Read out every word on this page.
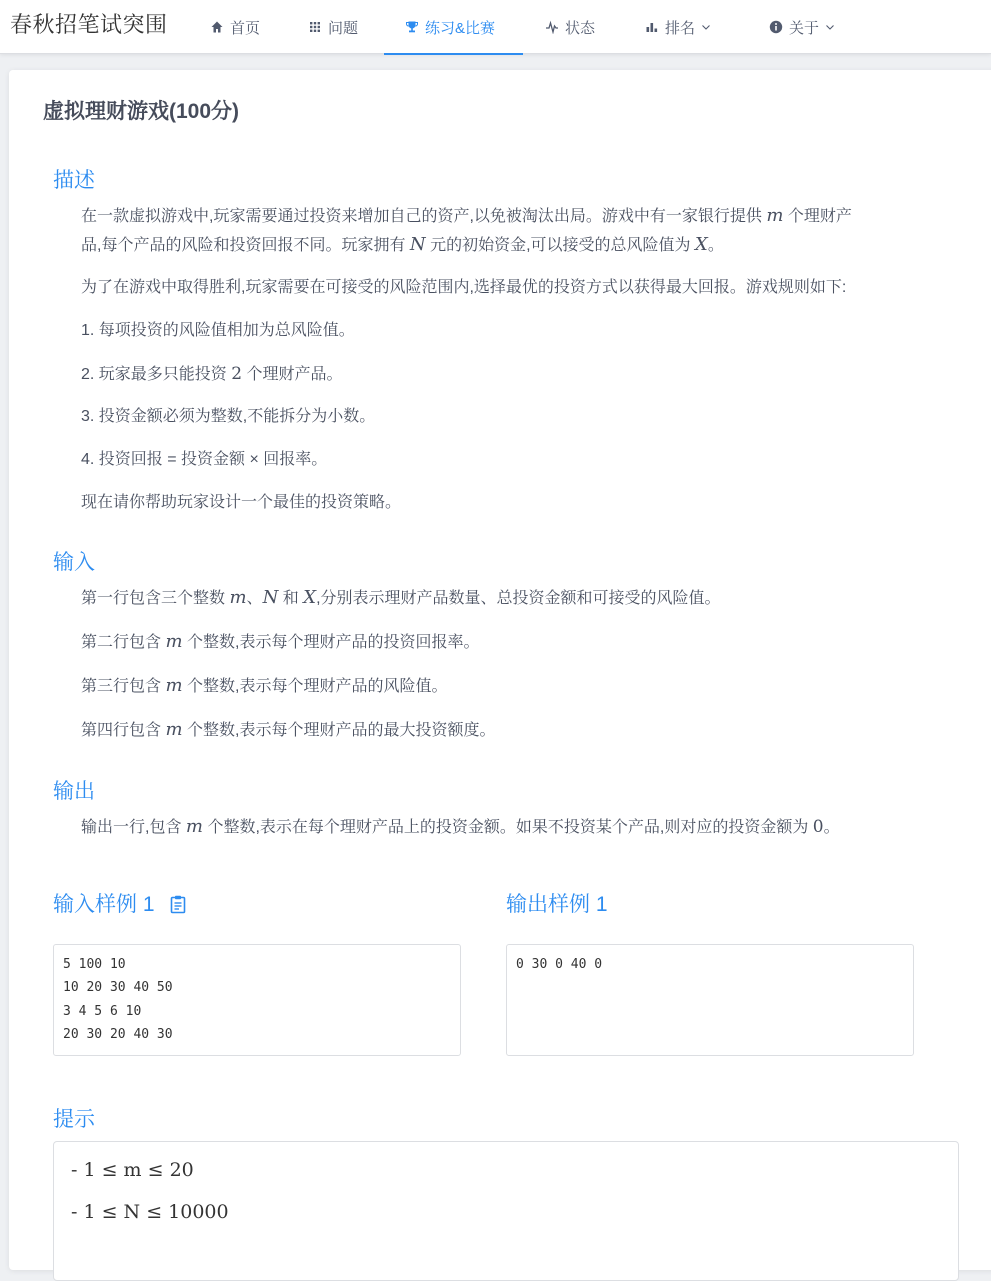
春秋招笔试突围	首页	问题	练习&比赛	状态	排名	关于
虚拟理财游戏(100分)
描述
在一款虚拟游戏中,玩家需要通过投资来增加自己的资产,以免被淘汰出局。游戏中有一家银行提供 m 个理财产
品,每个产品的风险和投资回报不同。玩家拥有 N 元的初始资金,可以接受的总风险值为 X。
为了在游戏中取得胜利,玩家需要在可接受的风险范围内,选择最优的投资方式以获得最大回报。游戏规则如下:
1. 每项投资的风险值相加为总风险值。
2. 玩家最多只能投资 2 个理财产品。
3. 投资金额必须为整数,不能拆分为小数。
4. 投资回报 = 投资金额 × 回报率。
现在请你帮助玩家设计一个最佳的投资策略。
输入
第一行包含三个整数 m、N 和 X,分别表示理财产品数量、总投资金额和可接受的风险值。
第二行包含 m 个整数,表示每个理财产品的投资回报率。
第三行包含 m 个整数,表示每个理财产品的风险值。
第四行包含 m 个整数,表示每个理财产品的最大投资额度。
输出
输出一行,包含 m 个整数,表示在每个理财产品上的投资金额。如果不投资某个产品,则对应的投资金额为 0。
输入样例 1	输出样例 1
5 100 10
10 20 30 40 50
3 4 5 6 10
20 30 20 40 30
0 30 0 40 0
提示
- 1 ≤ m ≤ 20
- 1 ≤ N ≤ 10000
